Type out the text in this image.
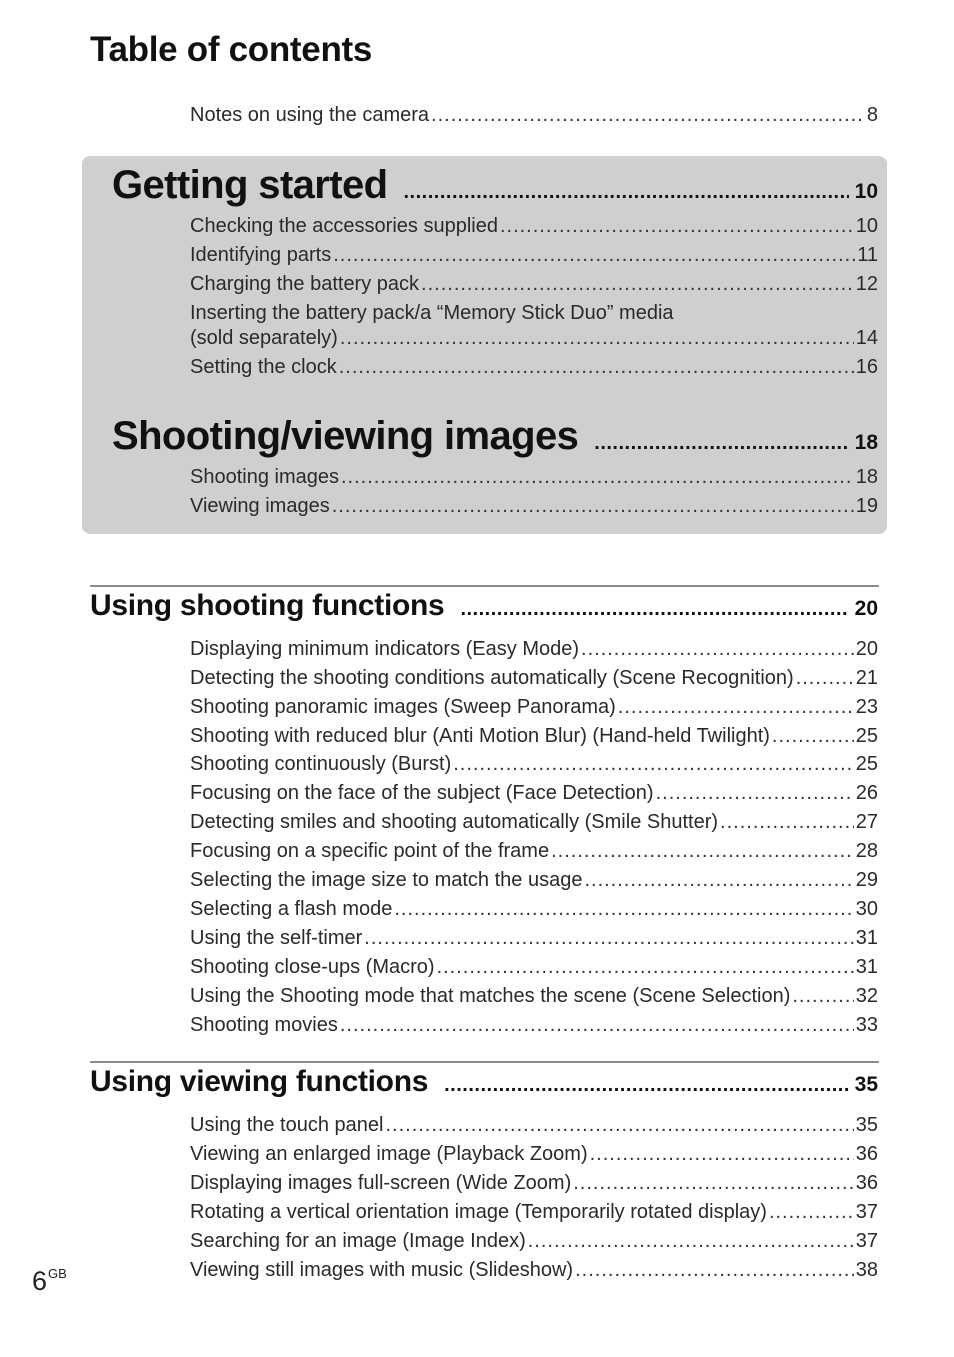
Table of contents
Notes on using the camera .....	8
Getting started .....	10
Checking the accessories supplied .....	10
Identifying parts .....	11
Charging the battery pack .....	12
Inserting the battery pack/a “Memory Stick Duo” media
(sold separately) .....	14
Setting the clock .....	16
Shooting/viewing images .....	18
Shooting images .....	18
Viewing images .....	19
Using shooting functions .....	20
Displaying minimum indicators (Easy Mode) .....	20
Detecting the shooting conditions automatically (Scene Recognition) .....	21
Shooting panoramic images (Sweep Panorama) .....	23
Shooting with reduced blur (Anti Motion Blur) (Hand-held Twilight) .....	25
Shooting continuously (Burst) .....	25
Focusing on the face of the subject (Face Detection) .....	26
Detecting smiles and shooting automatically (Smile Shutter) .....	27
Focusing on a specific point of the frame .....	28
Selecting the image size to match the usage .....	29
Selecting a flash mode .....	30
Using the self-timer .....	31
Shooting close-ups (Macro) .....	31
Using the Shooting mode that matches the scene (Scene Selection) .....	32
Shooting movies .....	33
Using viewing functions .....	35
Using the touch panel .....	35
Viewing an enlarged image (Playback Zoom) .....	36
Displaying images full-screen (Wide Zoom) .....	36
Rotating a vertical orientation image (Temporarily rotated display) .....	37
Searching for an image (Image Index) .....	37
Viewing still images with music (Slideshow) .....	38
$6^{GB}$
